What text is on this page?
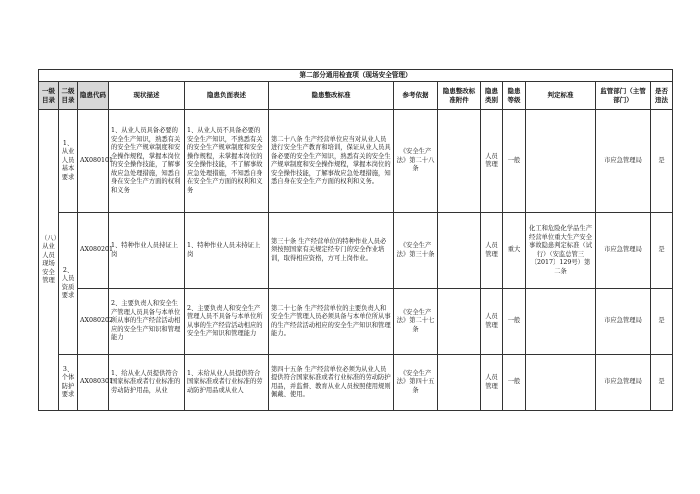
第二部分通用检查项（现场安全管理）												
一级目录	二级目录	隐患代码	现状描述	隐患负面表述	隐患整改标准	参考依据	隐患整改标准附件	隐患类别	隐患等级	判定标准	监管部门（主管部门）	是否违法
（八）从业人员现场安全管理	1、从业人员基本要求	AX080101	1、从业人员具备必要的安全生产知识，熟悉有关的安全生产规章制度和安全操作规程，掌握本岗位的安全操作技能，了解事故应急处理措施，知悉自身在安全生产方面的权利和义务	1、从业人员不具备必要的安全生产知识，不熟悉有关的安全生产规章制度和安全操作规程，未掌握本岗位的安全操作技能，不了解事故应急处理措施，不知悉自身在安全生产方面的权利和义务	第二十八条 生产经营单位应当对从业人员进行安全生产教育和培训，保证从业人员具备必要的安全生产知识，熟悉有关的安全生产规章制度和安全操作规程，掌握本岗位的安全操作技能，了解事故应急处理措施，知悉自身在安全生产方面的权利和义务。	《安全生产法》第二十八条		人员管理	一般		市应急管理局	是
	2、人员资质要求	AX080201	1、特种作业人员持证上岗	1、特种作业人员未持证上岗	第三十条 生产经营单位的特种作业人员必须按照国家有关规定经专门的安全作业培训，取得相应资格，方可上岗作业。	《安全生产法》第三十条		人员管理	重大	化工和危险化学品生产经营单位重大生产安全事故隐患判定标准（试行）（安监总管三〔2017〕129号）第二条	市应急管理局	是
		AX080202	2、主要负责人和安全生产管理人员具备与本单位所从事的生产经营活动相应的安全生产知识和管理能力	2、主要负责人和安全生产管理人员不具备与本单位所从事的生产经营活动相应的安全生产知识和管理能力	第二十七条 生产经营单位的主要负责人和安全生产管理人员必须具备与本单位所从事的生产经营活动相应的安全生产知识和管理能力。	《安全生产法》第二十七条		人员管理	一般		市应急管理局	是
	3、个体防护要求	AX080301	1、给从业人员提供符合国家标准或者行业标准的劳动防护用品，从业	1、未给从业人员提供符合国家标准或者行业标准的劳动防护用品或从业人	第四十五条 生产经营单位必须为从业人员提供符合国家标准或者行业标准的劳动防护用品，并监督、教育从业人员按照使用规则佩戴、使用。	《安全生产法》第四十五条		人员管理	一般		市应急管理局	是
